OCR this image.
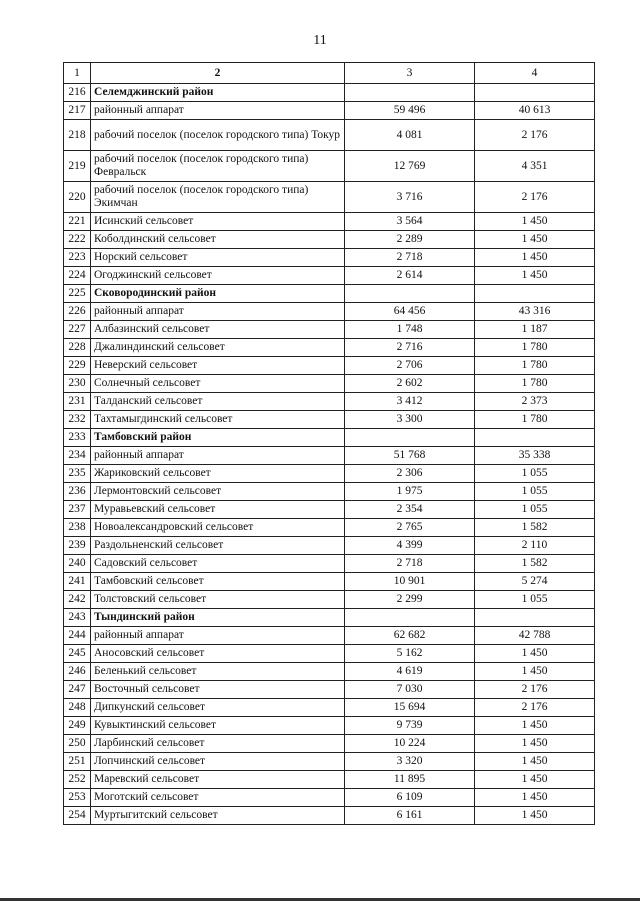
11
1	2	3	4
216	Селемджинский район		
217	районный аппарат	59 496	40 613
218	рабочий поселок (поселок городского типа) Токур	4 081	2 176
219	рабочий поселок (поселок городского типа) Февральск	12 769	4 351
220	рабочий поселок (поселок городского типа) Экимчан	3 716	2 176
221	Исинский сельсовет	3 564	1 450
222	Коболдинский сельсовет	2 289	1 450
223	Норский сельсовет	2 718	1 450
224	Огоджинский сельсовет	2 614	1 450
225	Сковородинский район		
226	районный аппарат	64 456	43 316
227	Албазинский сельсовет	1 748	1 187
228	Джалиндинский сельсовет	2 716	1 780
229	Неверский сельсовет	2 706	1 780
230	Солнечный сельсовет	2 602	1 780
231	Талданский сельсовет	3 412	2 373
232	Тахтамыгдинский сельсовет	3 300	1 780
233	Тамбовский район		
234	районный аппарат	51 768	35 338
235	Жариковский сельсовет	2 306	1 055
236	Лермонтовский сельсовет	1 975	1 055
237	Муравьевский сельсовет	2 354	1 055
238	Новоалександровский сельсовет	2 765	1 582
239	Раздольненский сельсовет	4 399	2 110
240	Садовский сельсовет	2 718	1 582
241	Тамбовский сельсовет	10 901	5 274
242	Толстовский сельсовет	2 299	1 055
243	Тындинский район		
244	районный аппарат	62 682	42 788
245	Аносовский сельсовет	5 162	1 450
246	Беленький сельсовет	4 619	1 450
247	Восточный сельсовет	7 030	2 176
248	Дипкунский сельсовет	15 694	2 176
249	Кувыктинский сельсовет	9 739	1 450
250	Ларбинский сельсовет	10 224	1 450
251	Лопчинский сельсовет	3 320	1 450
252	Маревский сельсовет	11 895	1 450
253	Моготский сельсовет	6 109	1 450
254	Муртыгитский сельсовет	6 161	1 450
